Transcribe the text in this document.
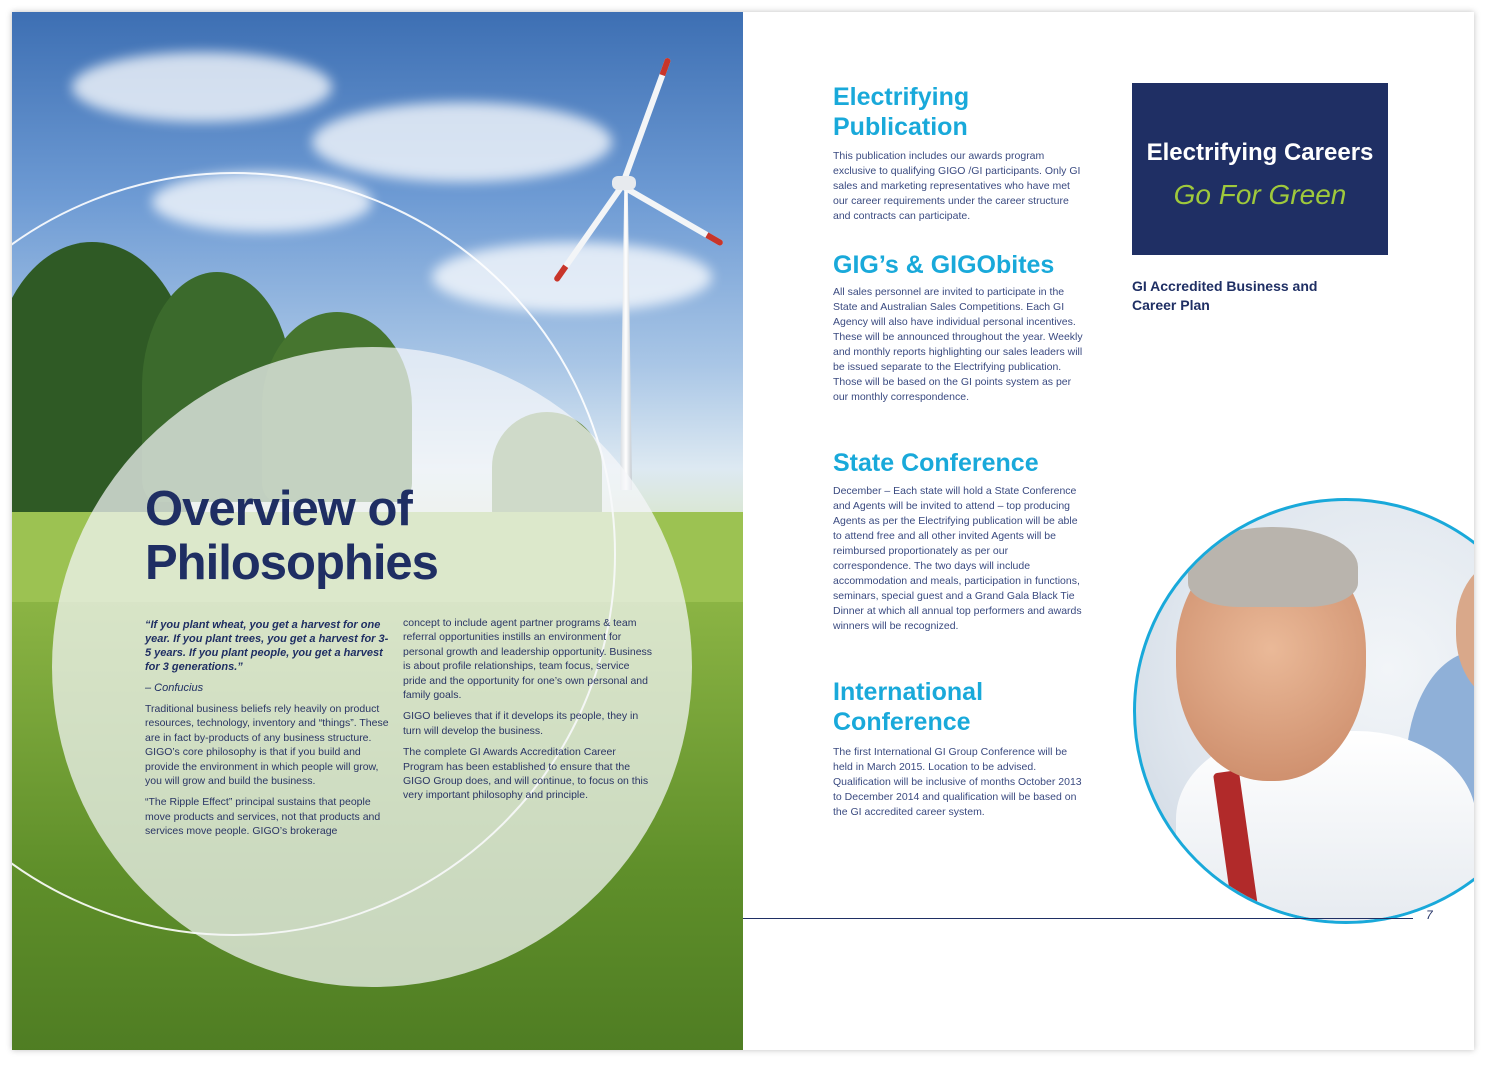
Overview of
Philosophies

“If you plant wheat, you get a harvest for one year. If you plant trees, you get a harvest for 3-5 years. If you plant people, you get a harvest for 3 generations.”

– Confucius

Traditional business beliefs rely heavily on product resources, technology, inventory and “things”. These are in fact by-products of any business structure. GIGO’s core philosophy is that if you build and provide the environment in which people will grow, you will grow and build the business.

“The Ripple Effect” principal sustains that people move products and services, not that products and services move people. GIGO’s brokerage

concept to include agent partner programs & team referral opportunities instills an environment for personal growth and leadership opportunity. Business is about profile relationships, team focus, service pride and the opportunity for one’s own personal and family goals.

GIGO believes that if it develops its people, they in turn will develop the business.

The complete GI Awards Accreditation Career Program has been established to ensure that the GIGO Group does, and will continue, to focus on this very important philosophy and principle.

Electrifying
Publication

This publication includes our awards program exclusive to qualifying GIGO /GI participants. Only GI sales and marketing representatives who have met our career requirements under the career structure and contracts can participate.

GIG’s & GIGObites

All sales personnel are invited to participate in the State and Australian Sales Competitions. Each GI Agency will also have individual personal incentives. These will be announced throughout the year. Weekly and monthly reports highlighting our sales leaders will be issued separate to the Electrifying publication. Those will be based on the GI points system as per our monthly correspondence.

State Conference

December – Each state will hold a State Conference and Agents will be invited to attend – top producing Agents as per the Electrifying publication will be able to attend free and all other invited Agents will be reimbursed proportionately as per our correspondence. The two days will include accommodation and meals, participation in functions, seminars, special guest and a Grand Gala Black Tie Dinner at which all annual top performers and awards winners will be recognized.

International
Conference

The first International GI Group Conference will be held in March 2015. Location to be advised. Qualification will be inclusive of months October 2013 to December 2014 and qualification will be based on the GI accredited career system.

Electrifying Careers
Go For Green
GI Accredited Business and Career Plan
7
